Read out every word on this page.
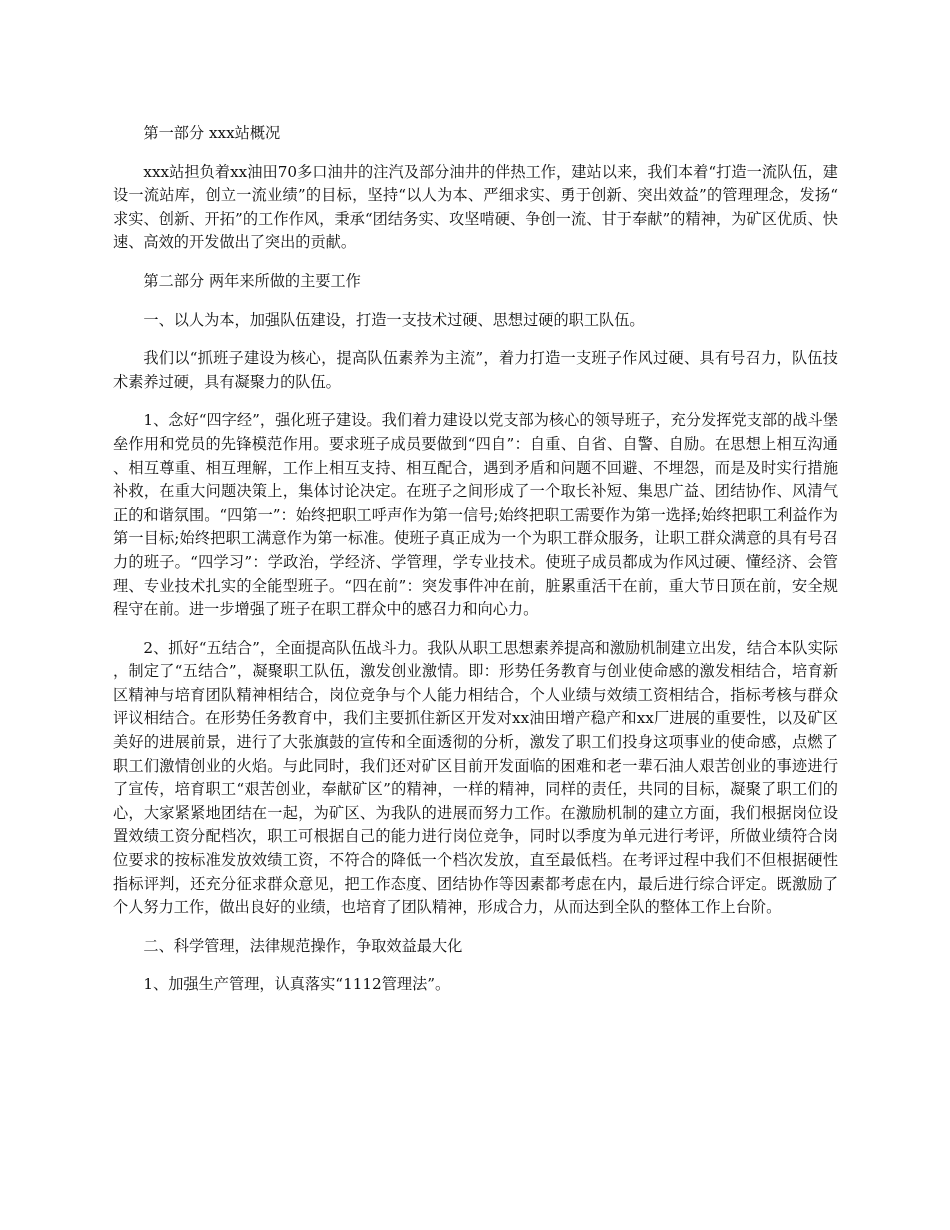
第一部分 xxx站概况

xxx站担负着xx油田70多口油井的注汽及部分油井的伴热工作，建站以来，我们本着“打造一流队伍，建设一流站库，创立一流业绩”的目标，坚持“以人为本、严细求实、勇于创新、突出效益”的管理理念，发扬“求实、创新、开拓”的工作作风，秉承“团结务实、攻坚啃硬、争创一流、甘于奉献”的精神，为矿区优质、快速、高效的开发做出了突出的贡献。

第二部分 两年来所做的主要工作

一、以人为本，加强队伍建设，打造一支技术过硬、思想过硬的职工队伍。

我们以“抓班子建设为核心，提高队伍素养为主流”，着力打造一支班子作风过硬、具有号召力，队伍技术素养过硬，具有凝聚力的队伍。

1、念好“四字经”，强化班子建设。我们着力建设以党支部为核心的领导班子，充分发挥党支部的战斗堡垒作用和党员的先锋模范作用。要求班子成员要做到“四自”：自重、自省、自警、自励。在思想上相互沟通、相互尊重、相互理解，工作上相互支持、相互配合，遇到矛盾和问题不回避、不埋怨，而是及时实行措施补救，在重大问题决策上，集体讨论决定。在班子之间形成了一个取长补短、集思广益、团结协作、风清气正的和谐氛围。“四第一”：始终把职工呼声作为第一信号;始终把职工需要作为第一选择;始终把职工利益作为第一目标;始终把职工满意作为第一标准。使班子真正成为一个为职工群众服务，让职工群众满意的具有号召力的班子。“四学习”：学政治，学经济、学管理，学专业技术。使班子成员都成为作风过硬、懂经济、会管理、专业技术扎实的全能型班子。“四在前”：突发事件冲在前，脏累重活干在前，重大节日顶在前，安全规程守在前。进一步增强了班子在职工群众中的感召力和向心力。

2、抓好“五结合”，全面提高队伍战斗力。我队从职工思想素养提高和激励机制建立出发，结合本队实际，制定了“五结合”，凝聚职工队伍，激发创业激情。即：形势任务教育与创业使命感的激发相结合，培育新区精神与培育团队精神相结合，岗位竞争与个人能力相结合，个人业绩与效绩工资相结合，指标考核与群众评议相结合。在形势任务教育中，我们主要抓住新区开发对xx油田增产稳产和xx厂进展的重要性，以及矿区美好的进展前景，进行了大张旗鼓的宣传和全面透彻的分析，激发了职工们投身这项事业的使命感，点燃了职工们激情创业的火焰。与此同时，我们还对矿区目前开发面临的困难和老一辈石油人艰苦创业的事迹进行了宣传，培育职工“艰苦创业，奉献矿区”的精神，一样的精神，同样的责任，共同的目标，凝聚了职工们的心，大家紧紧地团结在一起，为矿区、为我队的进展而努力工作。在激励机制的建立方面，我们根据岗位设置效绩工资分配档次，职工可根据自己的能力进行岗位竞争，同时以季度为单元进行考评，所做业绩符合岗位要求的按标准发放效绩工资，不符合的降低一个档次发放，直至最低档。在考评过程中我们不但根据硬性指标评判，还充分征求群众意见，把工作态度、团结协作等因素都考虑在内，最后进行综合评定。既激励了个人努力工作，做出良好的业绩，也培育了团队精神，形成合力，从而达到全队的整体工作上台阶。

二、科学管理，法律规范操作，争取效益最大化

1、加强生产管理，认真落实“1112管理法”。
